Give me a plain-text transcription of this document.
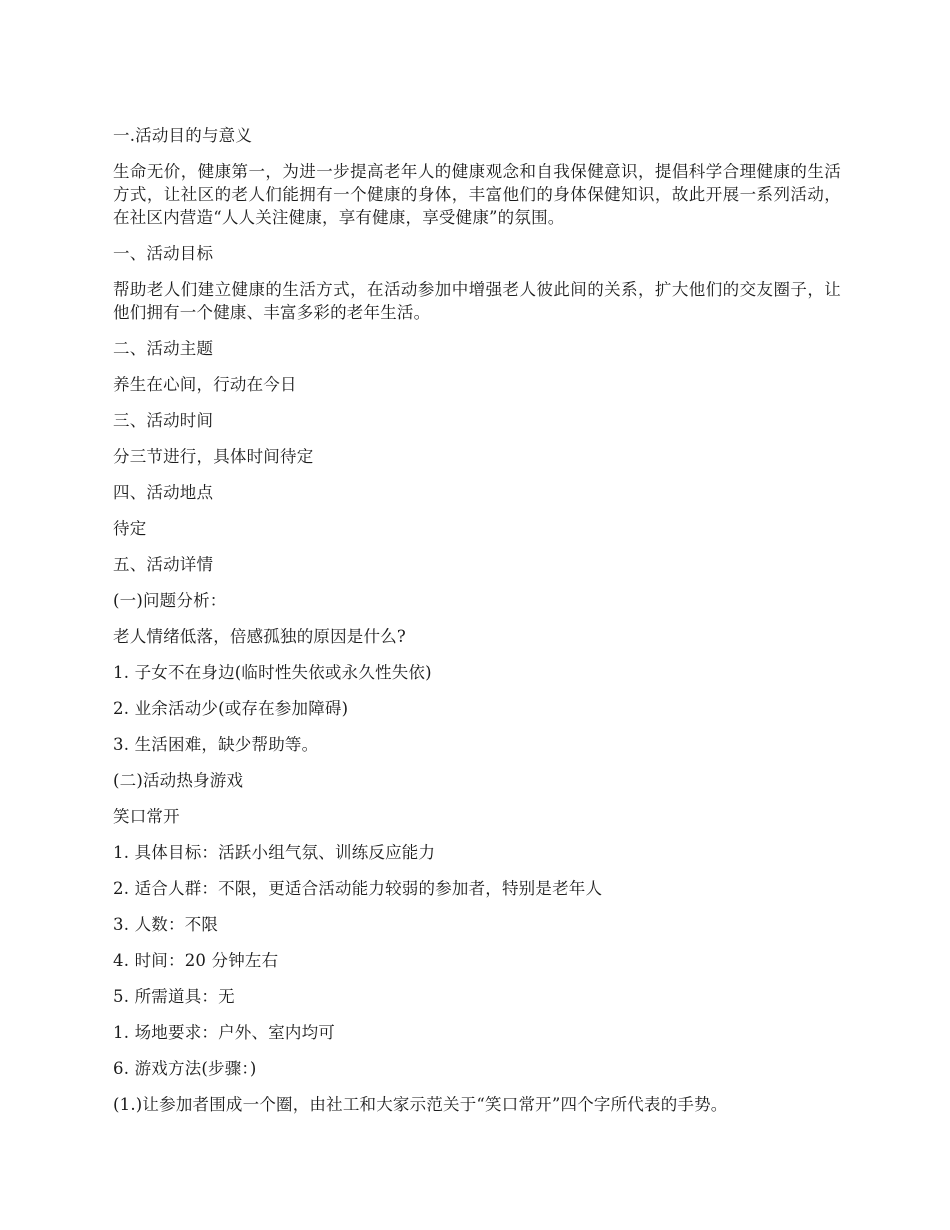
一.活动目的与意义

生命无价，健康第一，为进一步提高老年人的健康观念和自我保健意识，提倡科学合理健康的生活方式，让社区的老人们能拥有一个健康的身体，丰富他们的身体保健知识，故此开展一系列活动，在社区内营造“人人关注健康，享有健康，享受健康”的氛围。

一、活动目标

帮助老人们建立健康的生活方式，在活动参加中增强老人彼此间的关系，扩大他们的交友圈子，让他们拥有一个健康、丰富多彩的老年生活。

二、活动主题

养生在心间，行动在今日

三、活动时间

分三节进行，具体时间待定

四、活动地点

待定

五、活动详情

(一)问题分析：

老人情绪低落，倍感孤独的原因是什么?

1. 子女不在身边(临时性失依或永久性失依)

2. 业余活动少(或存在参加障碍)

3. 生活困难，缺少帮助等。

(二)活动热身游戏

笑口常开

1. 具体目标：活跃小组气氛、训练反应能力

2. 适合人群：不限，更适合活动能力较弱的参加者，特别是老年人

3. 人数：不限

4. 时间：20 分钟左右

5. 所需道具：无

1. 场地要求：户外、室内均可

6. 游戏方法(步骤：)

(1.)让参加者围成一个圈，由社工和大家示范关于“笑口常开”四个字所代表的手势。
